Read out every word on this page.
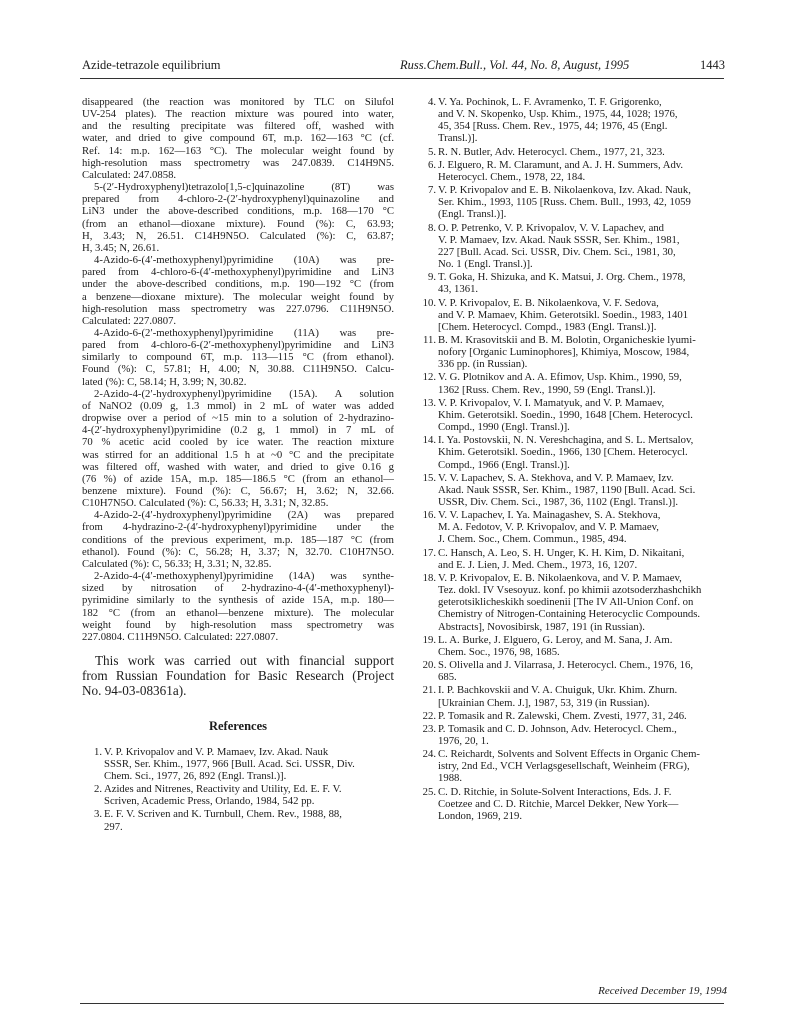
Azide-tetrazole equilibrium	Russ.Chem.Bull., Vol. 44, No. 8, August, 1995	1443

disappeared (the reaction was monitored by TLC on Silufol
UV-254 plates). The reaction mixture was poured into water,
and the resulting precipitate was filtered off, washed with
water, and dried to give compound 6T, m.p. 162—163 °C (cf.
Ref. 14: m.p. 162—163 °C). The molecular weight found by
high-resolution mass spectrometry was 247.0839. C14H9N5.
Calculated: 247.0858.

5-(2′-Hydroxyphenyl)tetrazolo[1,5-c]quinazoline (8T) was
prepared from 4-chloro-2-(2′-hydroxyphenyl)quinazoline and
LiN3 under the above-described conditions, m.p. 168—170 °C
(from an ethanol—dioxane mixture). Found (%): C, 63.93;
H, 3.43; N, 26.51. C14H9N5O. Calculated (%): C, 63.87;
H, 3.45; N, 26.61.

4-Azido-6-(4′-methoxyphenyl)pyrimidine (10A) was pre-
pared from 4-chloro-6-(4′-methoxyphenyl)pyrimidine and LiN3
under the above-described conditions, m.p. 190—192 °C (from
a benzene—dioxane mixture). The molecular weight found by
high-resolution mass spectrometry was 227.0796. C11H9N5O.
Calculated: 227.0807.

4-Azido-6-(2′-methoxyphenyl)pyrimidine (11A) was pre-
pared from 4-chloro-6-(2′-methoxyphenyl)pyrimidine and LiN3
similarly to compound 6T, m.p. 113—115 °C (from ethanol).
Found (%): C, 57.81; H, 4.00; N, 30.88. C11H9N5O. Calcu-
lated (%): C, 58.14; H, 3.99; N, 30.82.

2-Azido-4-(2′-hydroxyphenyl)pyrimidine (15A). A solution
of NaNO2 (0.09 g, 1.3 mmol) in 2 mL of water was added
dropwise over a period of ~15 min to a solution of 2-hydrazino-
4-(2′-hydroxyphenyl)pyrimidine (0.2 g, 1 mmol) in 7 mL of
70 % acetic acid cooled by ice water. The reaction mixture
was stirred for an additional 1.5 h at ~0 °C and the precipitate
was filtered off, washed with water, and dried to give 0.16 g
(76 %) of azide 15A, m.p. 185—186.5 °C (from an ethanol—
benzene mixture). Found (%): C, 56.67; H, 3.62; N, 32.66.
C10H7N5O. Calculated (%): C, 56.33; H, 3.31; N, 32.85.

4-Azido-2-(4′-hydroxyphenyl)pyrimidine (2A) was prepared
from 4-hydrazino-2-(4′-hydroxyphenyl)pyrimidine under the
conditions of the previous experiment, m.p. 185—187 °C (from
ethanol). Found (%): C, 56.28; H, 3.37; N, 32.70. C10H7N5O.
Calculated (%): C, 56.33; H, 3.31; N, 32.85.

2-Azido-4-(4′-methoxyphenyl)pyrimidine (14A) was synthe-
sized by nitrosation of 2-hydrazino-4-(4′-methoxyphenyl)-
pyrimidine similarly to the synthesis of azide 15A, m.p. 180—
182 °C (from an ethanol—benzene mixture). The molecular
weight found by high-resolution mass spectrometry was
227.0804. C11H9N5O. Calculated: 227.0807.

This work was carried out with financial support
from Russian Foundation for Basic Research (Project
No. 94-03-08361a).
References
1. V. P. Krivopalov and V. P. Mamaev, Izv. Akad. Nauk
SSSR, Ser. Khim., 1977, 966 [Bull. Acad. Sci. USSR, Div.
Chem. Sci., 1977, 26, 892 (Engl. Transl.)].
2. Azides and Nitrenes, Reactivity and Utility, Ed. E. F. V.
Scriven, Academic Press, Orlando, 1984, 542 pp.
3. E. F. V. Scriven and K. Turnbull, Chem. Rev., 1988, 88,
297.
4. V. Ya. Pochinok, L. F. Avramenko, T. F. Grigorenko,
and V. N. Skopenko, Usp. Khim., 1975, 44, 1028; 1976,
45, 354 [Russ. Chem. Rev., 1975, 44; 1976, 45 (Engl.
Transl.)].
5. R. N. Butler, Adv. Heterocycl. Chem., 1977, 21, 323.
6. J. Elguero, R. M. Claramunt, and A. J. H. Summers, Adv.
Heterocycl. Chem., 1978, 22, 184.
7. V. P. Krivopalov and E. B. Nikolaenkova, Izv. Akad. Nauk,
Ser. Khim., 1993, 1105 [Russ. Chem. Bull., 1993, 42, 1059
(Engl. Transl.)].
8. O. P. Petrenko, V. P. Krivopalov, V. V. Lapachev, and
V. P. Mamaev, Izv. Akad. Nauk SSSR, Ser. Khim., 1981,
227 [Bull. Acad. Sci. USSR, Div. Chem. Sci., 1981, 30,
No. 1 (Engl. Transl.)].
9. T. Goka, H. Shizuka, and K. Matsui, J. Org. Chem., 1978,
43, 1361.
10. V. P. Krivopalov, E. B. Nikolaenkova, V. F. Sedova,
and V. P. Mamaev, Khim. Geterotsikl. Soedin., 1983, 1401
[Chem. Heterocycl. Compd., 1983 (Engl. Transl.)].
11. B. M. Krasovitskii and B. M. Bolotin, Organicheskie lyumi-
nofory [Organic Luminophores], Khimiya, Moscow, 1984,
336 pp. (in Russian).
12. V. G. Plotnikov and A. A. Efimov, Usp. Khim., 1990, 59,
1362 [Russ. Chem. Rev., 1990, 59 (Engl. Transl.)].
13. V. P. Krivopalov, V. I. Mamatyuk, and V. P. Mamaev,
Khim. Geterotsikl. Soedin., 1990, 1648 [Chem. Heterocycl.
Compd., 1990 (Engl. Transl.)].
14. I. Ya. Postovskii, N. N. Vereshchagina, and S. L. Mertsalov,
Khim. Geterotsikl. Soedin., 1966, 130 [Chem. Heterocycl.
Compd., 1966 (Engl. Transl.)].
15. V. V. Lapachev, S. A. Stekhova, and V. P. Mamaev, Izv.
Akad. Nauk SSSR, Ser. Khim., 1987, 1190 [Bull. Acad. Sci.
USSR, Div. Chem. Sci., 1987, 36, 1102 (Engl. Transl.)].
16. V. V. Lapachev, I. Ya. Mainagashev, S. A. Stekhova,
M. A. Fedotov, V. P. Krivopalov, and V. P. Mamaev,
J. Chem. Soc., Chem. Commun., 1985, 494.
17. C. Hansch, A. Leo, S. H. Unger, K. H. Kim, D. Nikaitani,
and E. J. Lien, J. Med. Chem., 1973, 16, 1207.
18. V. P. Krivopalov, E. B. Nikolaenkova, and V. P. Mamaev,
Tez. dokl. IV Vsesoyuz. konf. po khimii azotsoderzhashchikh
geterotsiklicheskikh soedinenii [The IV All-Union Conf. on
Chemistry of Nitrogen-Containing Heterocyclic Compounds.
Abstracts], Novosibirsk, 1987, 191 (in Russian).
19. L. A. Burke, J. Elguero, G. Leroy, and M. Sana, J. Am.
Chem. Soc., 1976, 98, 1685.
20. S. Olivella and J. Vilarrasa, J. Heterocycl. Chem., 1976, 16,
685.
21. I. P. Bachkovskii and V. A. Chuiguk, Ukr. Khim. Zhurn.
[Ukrainian Chem. J.], 1987, 53, 319 (in Russian).
22. P. Tomasik and R. Zalewski, Chem. Zvesti, 1977, 31, 246.
23. P. Tomasik and C. D. Johnson, Adv. Heterocycl. Chem.,
1976, 20, 1.
24. C. Reichardt, Solvents and Solvent Effects in Organic Chem-
istry, 2nd Ed., VCH Verlagsgesellschaft, Weinheim (FRG),
1988.
25. C. D. Ritchie, in Solute-Solvent Interactions, Eds. J. F.
Coetzee and C. D. Ritchie, Marcel Dekker, New York—
London, 1969, 219.
Received December 19, 1994
